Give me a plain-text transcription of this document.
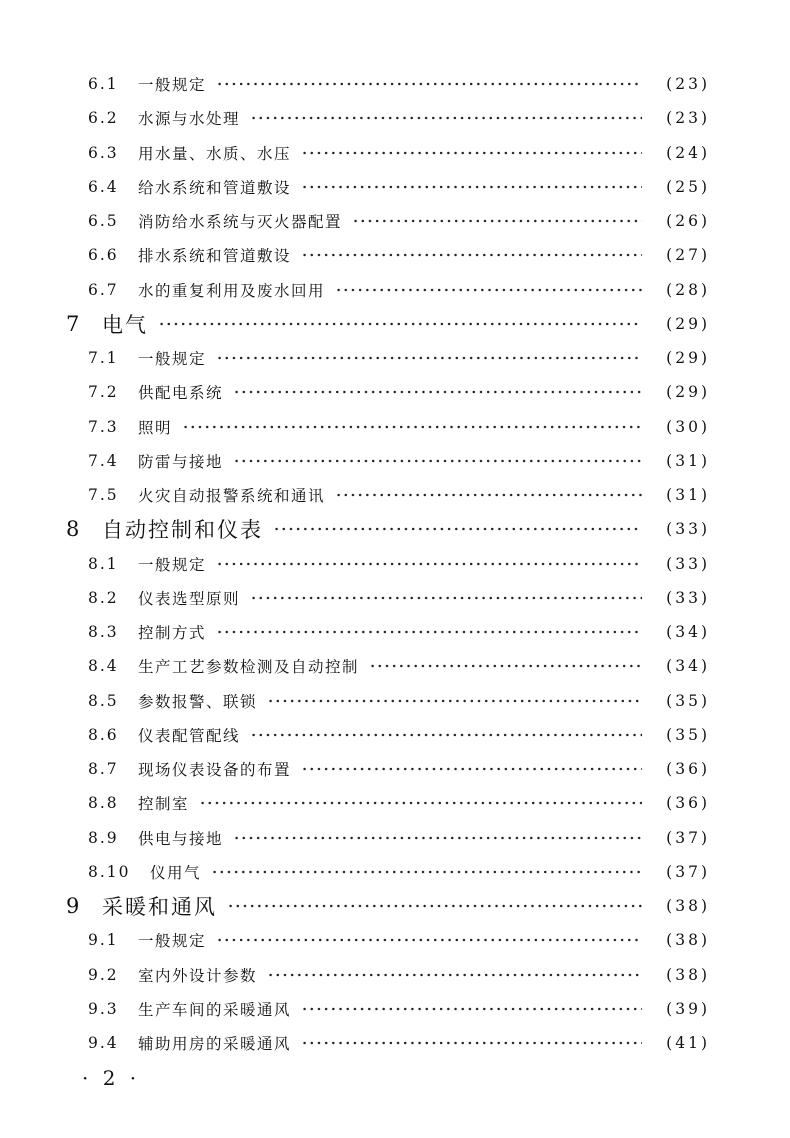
6.1	一般规定	(23)
6.2	水源与水处理	(23)
6.3	用水量、水质、水压	(24)
6.4	给水系统和管道敷设	(25)
6.5	消防给水系统与灭火器配置	(26)
6.6	排水系统和管道敷设	(27)
6.7	水的重复利用及废水回用	(28)
7 电气	(29)
7.1	一般规定	(29)
7.2	供配电系统	(29)
7.3	照明	(30)
7.4	防雷与接地	(31)
7.5	火灾自动报警系统和通讯	(31)
8 自动控制和仪表	(33)
8.1	一般规定	(33)
8.2	仪表选型原则	(33)
8.3	控制方式	(34)
8.4	生产工艺参数检测及自动控制	(34)
8.5	参数报警、联锁	(35)
8.6	仪表配管配线	(35)
8.7	现场仪表设备的布置	(36)
8.8	控制室	(36)
8.9	供电与接地	(37)
8.10	仪用气	(37)
9 采暖和通风	(38)
9.1	一般规定	(38)
9.2	室内外设计参数	(38)
9.3	生产车间的采暖通风	(39)
9.4	辅助用房的采暖通风	(41)
· 2 ·
